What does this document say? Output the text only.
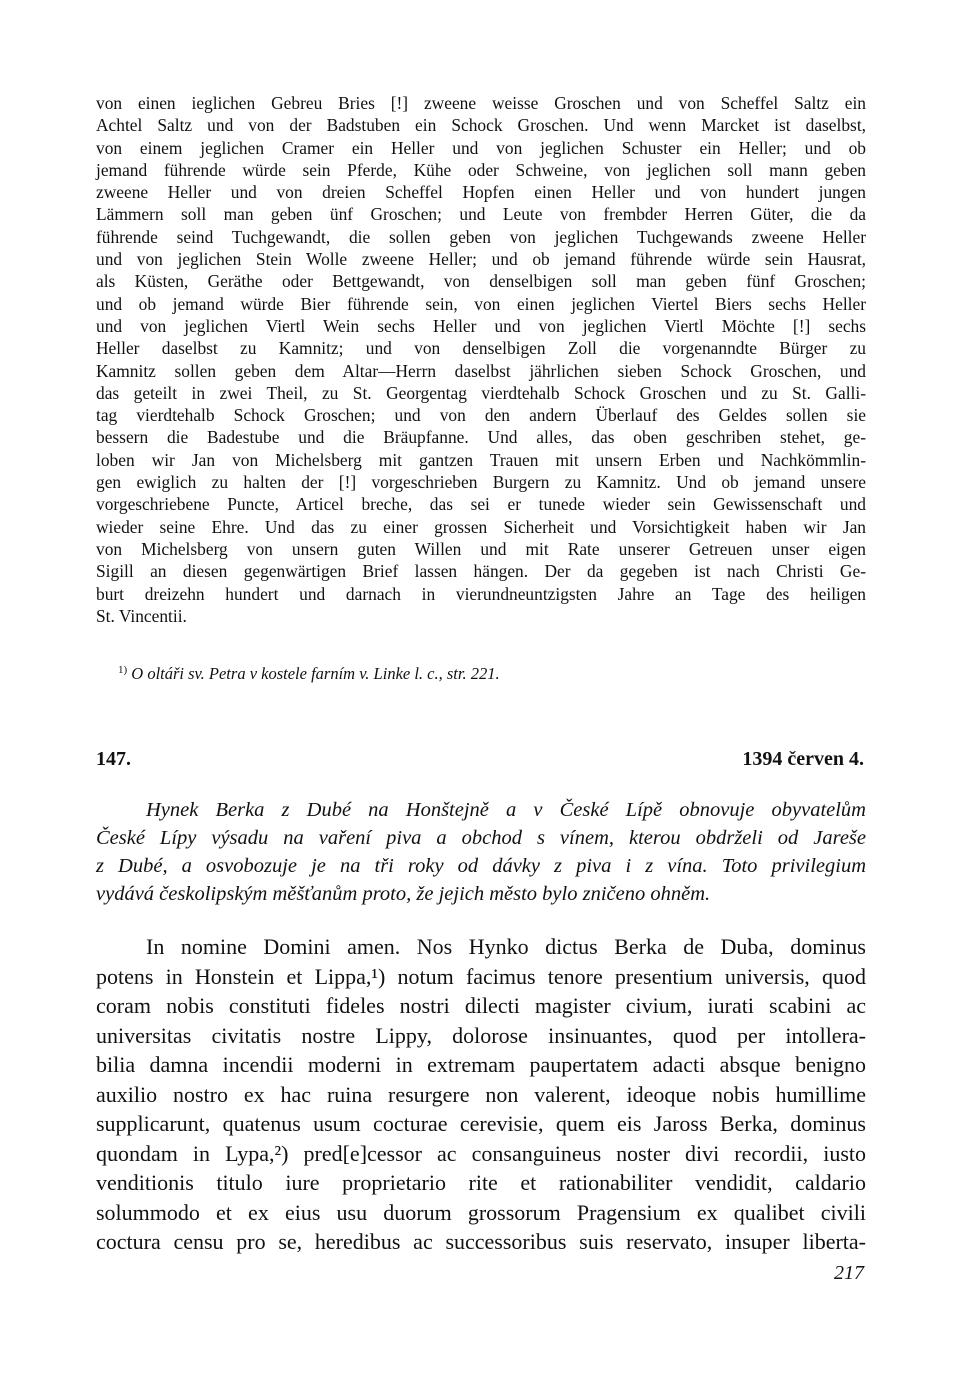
von einen ieglichen Gebreu Bries [!] zweene weisse Groschen und von Scheffel Saltz ein
Achtel Saltz und von der Badstuben ein Schock Groschen. Und wenn Marcket ist daselbst,
von einem jeglichen Cramer ein Heller und von jeglichen Schuster ein Heller; und ob
jemand führende würde sein Pferde, Kühe oder Schweine, von jeglichen soll mann geben
zweene Heller und von dreien Scheffel Hopfen einen Heller und von hundert jungen
Lämmern soll man geben ünf Groschen; und Leute von frembder Herren Güter, die da
führende seind Tuchgewandt, die sollen geben von jeglichen Tuchgewands zweene Heller
und von jeglichen Stein Wolle zweene Heller; und ob jemand führende würde sein Hausrat,
als Küsten, Geräthe oder Bettgewandt, von denselbigen soll man geben fünf Groschen;
und ob jemand würde Bier führende sein, von einen jeglichen Viertel Biers sechs Heller
und von jeglichen Viertl Wein sechs Heller und von jeglichen Viertl Möchte [!] sechs
Heller daselbst zu Kamnitz; und von denselbigen Zoll die vorgenanndte Bürger zu
Kamnitz sollen geben dem Altar—Herrn daselbst jährlichen sieben Schock Groschen, und
das geteilt in zwei Theil, zu St. Georgentag vierdtehalb Schock Groschen und zu St. Galli-
tag vierdtehalb Schock Groschen; und von den andern Überlauf des Geldes sollen sie
bessern die Badestube und die Bräupfanne. Und alles, das oben geschriben stehet, ge-
loben wir Jan von Michelsberg mit gantzen Trauen mit unsern Erben und Nachkömmlin-
gen ewiglich zu halten der [!] vorgeschrieben Burgern zu Kamnitz. Und ob jemand unsere
vorgeschriebene Puncte, Articel breche, das sei er tunede wieder sein Gewissenschaft und
wieder seine Ehre. Und das zu einer grossen Sicherheit und Vorsichtigkeit haben wir Jan
von Michelsberg von unsern guten Willen und mit Rate unserer Getreuen unser eigen
Sigill an diesen gegenwärtigen Brief lassen hängen. Der da gegeben ist nach Christi Ge-
burt dreizehn hundert und darnach in vierundneuntzigsten Jahre an Tage des heiligen
St. Vincentii.

$^{1)}$ O oltáři sv. Petra v kostele farním v. Linke l. c., str. 221.
147.	1394 červen 4.
Hynek Berka z Dubé na Honštejně a v České Lípě obnovuje obyvatelům
České Lípy výsadu na vaření piva a obchod s vínem, kterou obdrželi od Jareše
z Dubé, a osvobozuje je na tři roky od dávky z piva i z vína. Toto privilegium
vydává českolipským měšťanům proto, že jejich město bylo zničeno ohněm.
In nomine Domini amen. Nos Hynko dictus Berka de Duba, dominus
potens in Honstein et Lippa,¹) notum facimus tenore presentium universis, quod
coram nobis constituti fideles nostri dilecti magister civium, iurati scabini ac
universitas civitatis nostre Lippy, dolorose insinuantes, quod per intollera-
bilia damna incendii moderni in extremam paupertatem adacti absque benigno
auxilio nostro ex hac ruina resurgere non valerent, ideoque nobis humillime
supplicarunt, quatenus usum cocturae cerevisie, quem eis Jaross Berka, dominus
quondam in Lypa,²) pred[e]cessor ac consanguineus noster divi recordii, iusto
venditionis titulo iure proprietario rite et rationabiliter vendidit, caldario
solummodo et ex eius usu duorum grossorum Pragensium ex qualibet civili
coctura censu pro se, heredibus ac successoribus suis reservato, insuper liberta-
217
